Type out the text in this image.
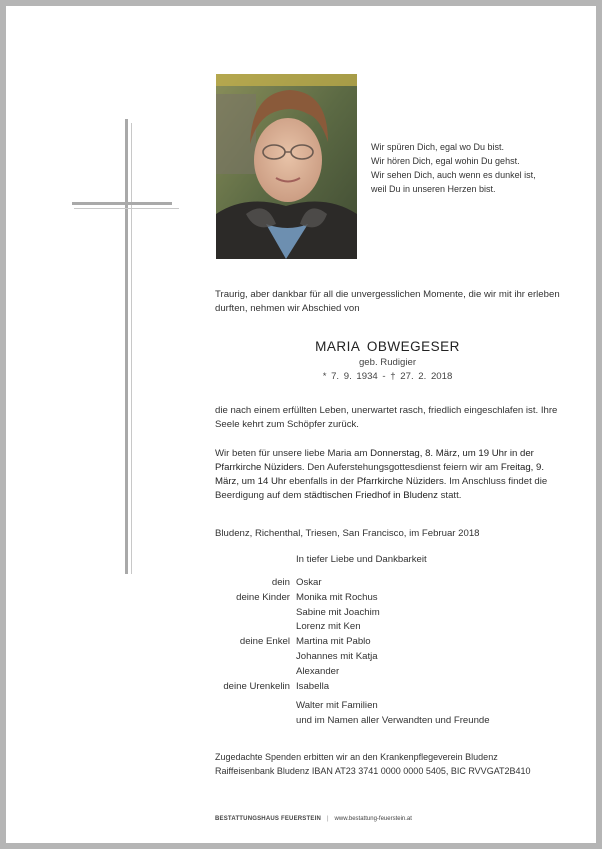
Wir spüren Dich, egal wo Du bist.
Wir hören Dich, egal wohin Du gehst.
Wir sehen Dich, auch wenn es dunkel ist,
weil Du in unseren Herzen bist.
Traurig, aber dankbar für all die unvergesslichen Momente, die wir mit ihr erleben durften, nehmen wir Abschied von
MARIA OBWEGESER
geb. Rudigier
* 7. 9. 1934 - † 27. 2. 2018
die nach einem erfüllten Leben, unerwartet rasch, friedlich eingeschlafen ist. Ihre Seele kehrt zum Schöpfer zurück.
Wir beten für unsere liebe Maria am Donnerstag, 8. März, um 19 Uhr in der Pfarrkirche Nüziders. Den Auferstehungsgottesdienst feiern wir am Freitag, 9. März, um 14 Uhr ebenfalls in der Pfarrkirche Nüziders. Im Anschluss findet die Beerdigung auf dem städtischen Friedhof in Bludenz statt.
Bludenz, Richenthal, Triesen, San Francisco, im Februar 2018
In tiefer Liebe und Dankbarkeit
dein Oskar
deine Kinder Monika mit Rochus
Sabine mit Joachim
Lorenz mit Ken
deine Enkel Martina mit Pablo
Johannes mit Katja
Alexander
deine Urenkelin Isabella
Walter mit Familien
und im Namen aller Verwandten und Freunde
Zugedachte Spenden erbitten wir an den Krankenpflegeverein Bludenz
Raiffeisenbank Bludenz IBAN AT23 3741 0000 0000 5405, BIC RVVGAT2B410
BESTATTUNGSHAUS FEUERSTEIN | www.bestattung-feuerstein.at
